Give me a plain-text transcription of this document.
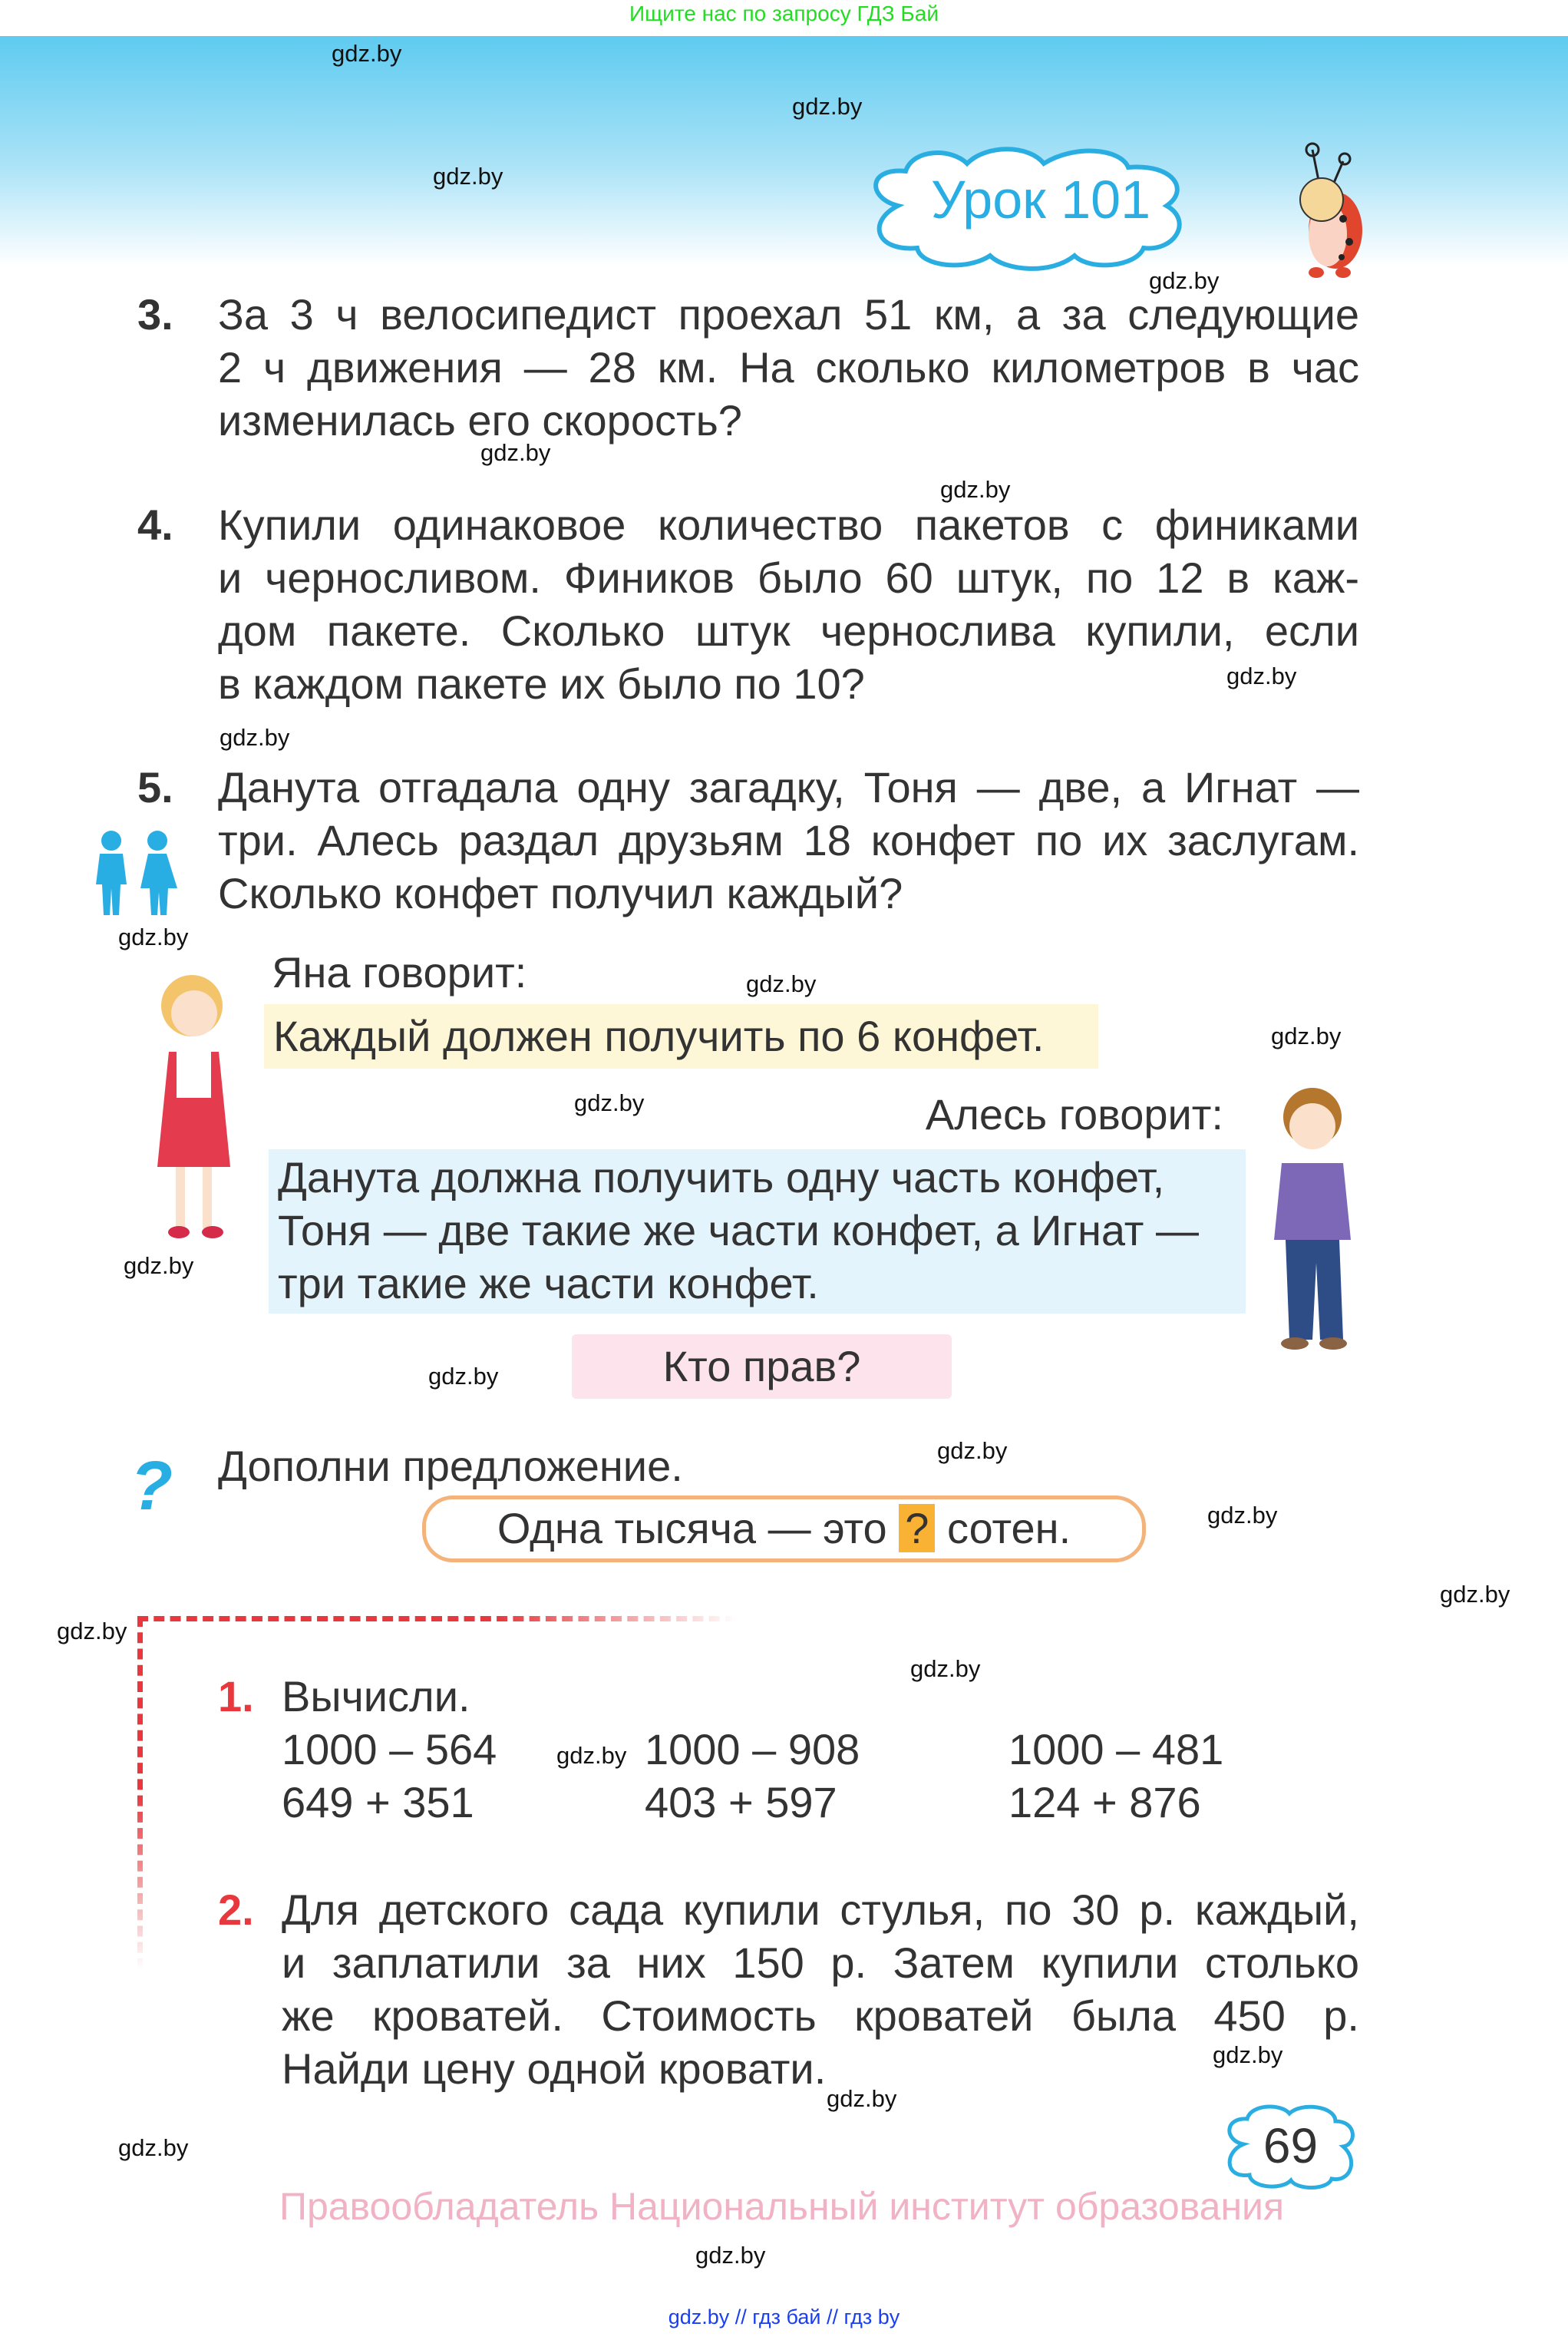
Ищите нас по запросу ГДЗ Бай
Урок 101
3. За 3 ч велосипедист проехал 51 км, а за следующие
2 ч движения — 28 км. На сколько километров в час
изменилась его скорость?
4. Купили одинаковое количество пакетов с финиками
и черносливом. Фиников было 60 штук, по 12 в каж-
дом пакете. Сколько штук чернослива купили, если
в каждом пакете их было по 10?
5. Данута отгадала одну загадку, Тоня — две, а Игнат —
три. Алесь раздал друзьям 18 конфет по их заслугам.
Сколько конфет получил каждый?
Яна говорит:
Каждый должен получить по 6 конфет.
Алесь говорит:
Данута должна получить одну часть конфет,
Тоня — две такие же части конфет, а Игнат —
три такие же части конфет.
Кто прав?
? Дополни предложение.
Одна тысяча — это ? сотен.
1. Вычисли.
1000 – 564
649 + 351
1000 – 908
403 + 597
1000 – 481
124 + 876
2. Для детского сада купили стулья, по 30 р. каждый,
и заплатили за них 150 р. Затем купили столько
же кроватей. Стоимость кроватей была 450 р.
Найди цену одной кровати.
69
Правообладатель Национальный институт образования
gdz.by // гдз бай // гдз by
gdz.by
gdz.by
gdz.by
gdz.by
gdz.by
gdz.by
gdz.by
gdz.by
gdz.by
gdz.by
gdz.by
gdz.by
gdz.by
gdz.by
gdz.by
gdz.by
gdz.by
gdz.by
gdz.by
gdz.by
gdz.by
gdz.by
gdz.by
gdz.by
